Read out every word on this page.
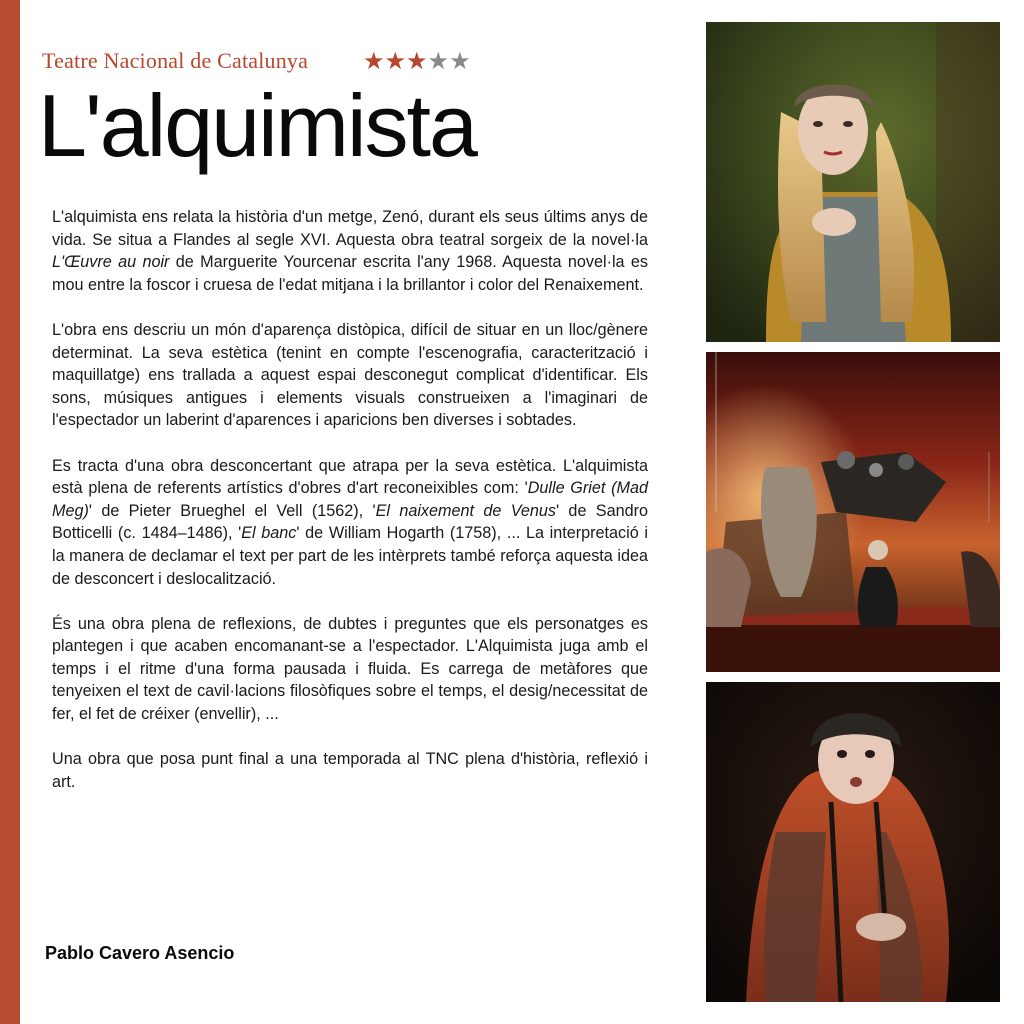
Teatre Nacional de Catalunya ★★★★★
L'alquimista

L'alquimista ens relata la història d'un metge, Zenó, durant els seus últims anys de vida. Se situa a Flandes al segle XVI. Aquesta obra teatral sorgeix de la novel·la L'Œuvre au noir de Marguerite Yourcenar escrita l'any 1968. Aquesta novel·la es mou entre la foscor i cruesa de l'edat mitjana i la brillantor i color del Renaixement.

L'obra ens descriu un món d'aparença distòpica, difícil de situar en un lloc/gènere determinat. La seva estètica (tenint en compte l'escenografia, caracterització i maquillatge) ens trallada a aquest espai desconegut complicat d'identificar. Els sons, músiques antigues i elements visuals construeixen a l'imaginari de l'espectador un laberint d'aparences i aparicions ben diverses i sobtades.

Es tracta d'una obra desconcertant que atrapa per la seva estètica. L'alquimista està plena de referents artístics d'obres d'art reconeixibles com: 'Dulle Griet (Mad Meg)' de Pieter Brueghel el Vell (1562), 'El naixement de Venus' de Sandro Botticelli (c. 1484–1486), 'El banc' de William Hogarth (1758), ... La interpretació i la manera de declamar el text per part de les intèrprets també reforça aquesta idea de desconcert i deslocalització.

És una obra plena de reflexions, de dubtes i preguntes que els personatges es plantegen i que acaben encomanant-se a l'espectador. L'Alquimista juga amb el temps i el ritme d'una forma pausada i fluida. Es carrega de metàfores que tenyeixen el text de cavil·lacions filosòfiques sobre el temps, el desig/necessitat de fer, el fet de créixer (envellir), ...

Una obra que posa punt final a una temporada al TNC plena d'història, reflexió i art.

Pablo Cavero Asencio
